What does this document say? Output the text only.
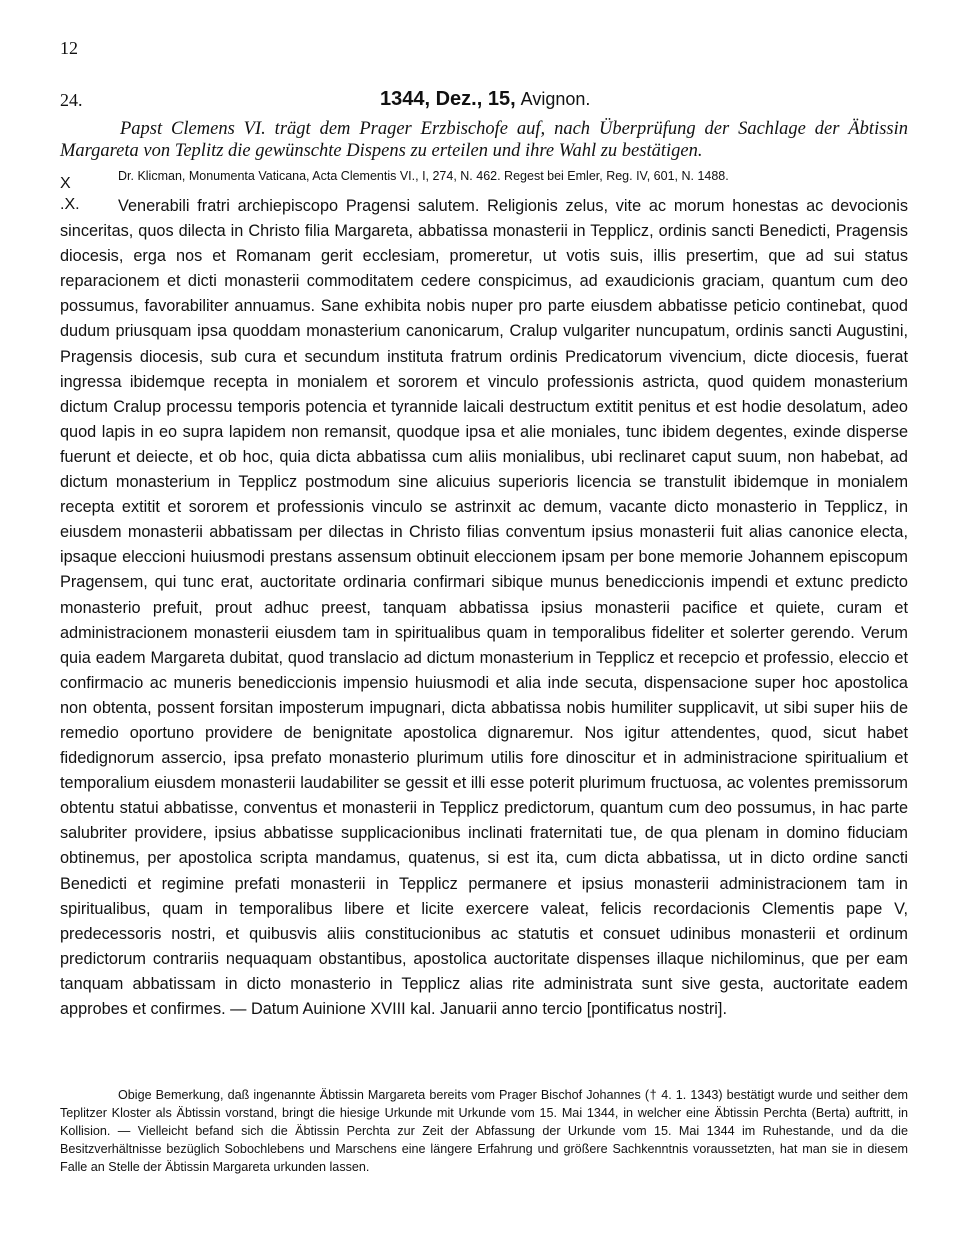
12
24.	1344, Dez., 15, Avignon.

Papst Clemens VI. trägt dem Prager Erzbischofe auf, nach Überprüfung der Sachlage der Äbtissin Margareta von Teplitz die gewünschte Dispens zu erteilen und ihre Wahl zu bestätigen.

X
.X.

Dr. Klicman, Monumenta Vaticana, Acta Clementis VI., I, 274, N. 462. Regest bei Emler, Reg. IV, 601, N. 1488.

Venerabili fratri archiepiscopo Pragensi salutem. Religionis zelus, vite ac morum honestas ac devocionis sinceritas, quos dilecta in Christo filia Margareta, abbatissa monasterii in Tepplicz, ordinis sancti Benedicti, Pragensis diocesis, erga nos et Romanam gerit ecclesiam, promeretur, ut votis suis, illis presertim, que ad sui status reparacionem et dicti monasterii commoditatem cedere conspicimus, ad exaudicionis graciam, quantum cum deo possumus, favorabiliter annuamus. Sane exhibita nobis nuper pro parte eiusdem abbatisse peticio continebat, quod dudum priusquam ipsa quoddam monasterium canonicarum, Cralup vulgariter nuncupatum, ordinis sancti Augustini, Pragensis diocesis, sub cura et secundum instituta fratrum ordinis Predicatorum vivencium, dicte diocesis, fuerat ingressa ibidemque recepta in monialem et sororem et vinculo professionis astricta, quod quidem monasterium dictum Cralup processu temporis potencia et tyrannide laicali destructum extitit penitus et est hodie desolatum, adeo quod lapis in eo supra lapidem non remansit, quodque ipsa et alie moniales, tunc ibidem degentes, exinde disperse fuerunt et deiecte, et ob hoc, quia dicta abbatissa cum aliis monialibus, ubi reclinaret caput suum, non habebat, ad dictum monasterium in Tepplicz postmodum sine alicuius superioris licencia se transtulit ibidemque in monialem recepta extitit et sororem et professionis vinculo se astrinxit ac demum, vacante dicto monasterio in Tepplicz, in eiusdem monasterii abbatissam per dilectas in Christo filias conventum ipsius monasterii fuit alias canonice electa, ipsaque eleccioni huiusmodi prestans assensum obtinuit eleccionem ipsam per bone memorie Johannem episcopum Pragensem, qui tunc erat, auctoritate ordinaria confirmari sibique munus benediccionis impendi et extunc predicto monasterio prefuit, prout adhuc preest, tanquam abbatissa ipsius monasterii pacifice et quiete, curam et administracionem monasterii eiusdem tam in spiritualibus quam in temporalibus fideliter et solerter gerendo. Verum quia eadem Margareta dubitat, quod translacio ad dictum monasterium in Tepplicz et recepcio et professio, eleccio et confirmacio ac muneris benediccionis impensio huiusmodi et alia inde secuta, dispensacione super hoc apostolica non obtenta, possent forsitan imposterum impugnari, dicta abbatissa nobis humiliter supplicavit, ut sibi super hiis de remedio oportuno providere de benignitate apostolica dignaremur. Nos igitur attendentes, quod, sicut habet fidedignorum assercio, ipsa prefato monasterio plurimum utilis fore dinoscitur et in administracione spiritualium et temporalium eiusdem monasterii laudabiliter se gessit et illi esse poterit plurimum fructuosa, ac volentes premissorum obtentu statui abbatisse, conventus et monasterii in Tepplicz predictorum, quantum cum deo possumus, in hac parte salubriter providere, ipsius abbatisse supplicacionibus inclinati fraternitati tue, de qua plenam in domino fiduciam obtinemus, per apostolica scripta mandamus, quatenus, si est ita, cum dicta abbatissa, ut in dicto ordine sancti Benedicti et regimine prefati monasterii in Tepplicz permanere et ipsius monasterii administracionem tam in spiritualibus, quam in temporalibus libere et licite exercere valeat, felicis recordacionis Clementis pape V, predecessoris nostri, et quibusvis aliis constitucionibus ac statutis et consuet udinibus monasterii et ordinum predictorum contrariis nequaquam obstantibus, apostolica auctoritate dispenses illaque nichilominus, que per eam tanquam abbatissam in dicto monasterio in Tepplicz alias rite administrata sunt sive gesta, auctoritate eadem approbes et confirmes. — Datum Auinione XVIII kal. Januarii anno tercio [pontificatus nostri].

Obige Bemerkung, daß ingenannte Äbtissin Margareta bereits vom Prager Bischof Johannes († 4. 1. 1343) bestätigt wurde und seither dem Teplitzer Kloster als Äbtissin vorstand, bringt die hiesige Urkunde mit Urkunde vom 15. Mai 1344, in welcher eine Äbtissin Perchta (Berta) auftritt, in Kollision. — Vielleicht befand sich die Äbtissin Perchta zur Zeit der Abfassung der Urkunde vom 15. Mai 1344 im Ruhestande, und da die Besitzverhältnisse bezüglich Sobochlebens und Marschens eine längere Erfahrung und größere Sachkenntnis voraussetzten, hat man sie in diesem Falle an Stelle der Äbtissin Margareta urkunden lassen.
